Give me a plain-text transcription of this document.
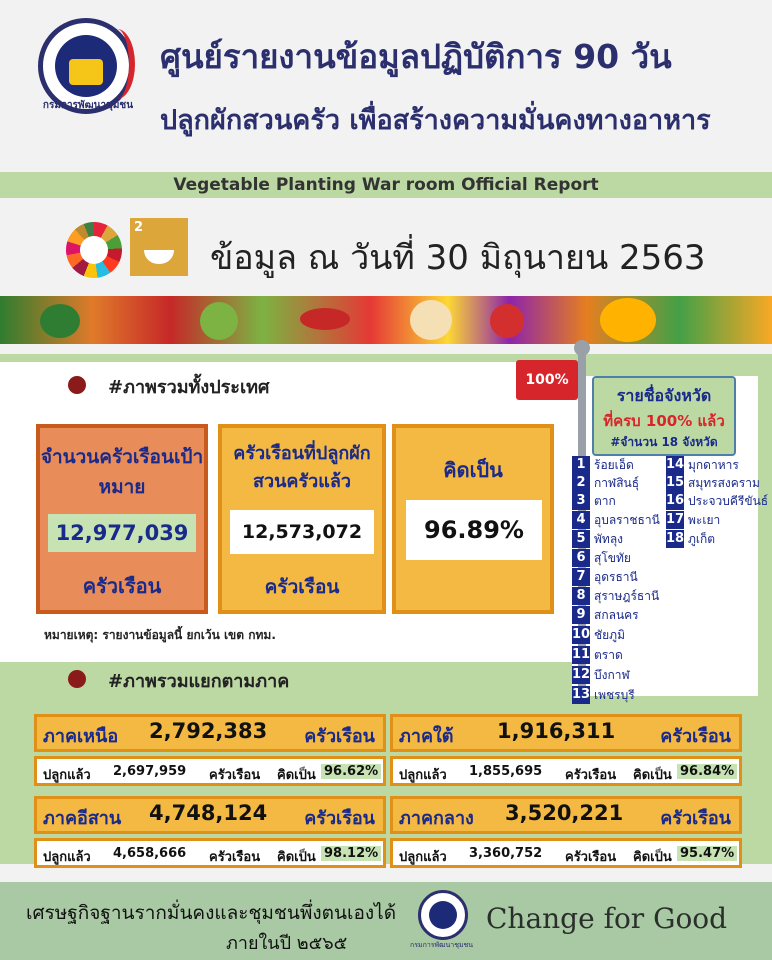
กรมการพัฒนาชุมชน
ศูนย์รายงานข้อมูลปฏิบัติการ 90 วัน
ปลูกผักสวนครัว เพื่อสร้างความมั่นคงทางอาหาร
Vegetable Planting War room Official Report
2
ข้อมูล ณ วันที่ 30 มิถุนายน 2563
#ภาพรวมทั้งประเทศ
จำนวนครัวเรือนเป้าหมาย
12,977,039
ครัวเรือน
ครัวเรือนที่ปลูกผักสวนครัวแล้ว
12,573,072
ครัวเรือน
คิดเป็น
96.89%
หมายเหตุ: รายงานข้อมูลนี้ ยกเว้น เขต กทม.
#ภาพรวมแยกตามภาค
100%
รายชื่อจังหวัด
ที่ครบ 100% แล้ว
#จำนวน 18 จังหวัด
1 ร้อยเอ็ด
2 กาฬสินธุ์
3 ตาก
4 อุบลราชธานี
5 พัทลุง
6 สุโขทัย
7 อุดรธานี
8 สุราษฎร์ธานี
9 สกลนคร
10 ชัยภูมิ
11 ตราด
12 บึงกาฬ
13 เพชรบุรี
14 มุกดาหาร
15 สมุทรสงคราม
16 ประจวบคีรีขันธ์
17 พะเยา
18 ภูเก็ต
ภาคเหนือ 2,792,383 ครัวเรือน
ปลูกแล้ว 2,697,959 ครัวเรือน คิดเป็น 96.62%
ภาคใต้ 1,916,311 ครัวเรือน
ปลูกแล้ว 1,855,695 ครัวเรือน คิดเป็น 96.84%
ภาคอีสาน 4,748,124 ครัวเรือน
ปลูกแล้ว 4,658,666 ครัวเรือน คิดเป็น 98.12%
ภาคกลาง 3,520,221 ครัวเรือน
ปลูกแล้ว 3,360,752 ครัวเรือน คิดเป็น 95.47%
เศรษฐกิจฐานรากมั่นคงและชุมชนพึ่งตนเองได้
ภายในปี ๒๕๖๕	กรมการพัฒนาชุมชน
Change for Good
